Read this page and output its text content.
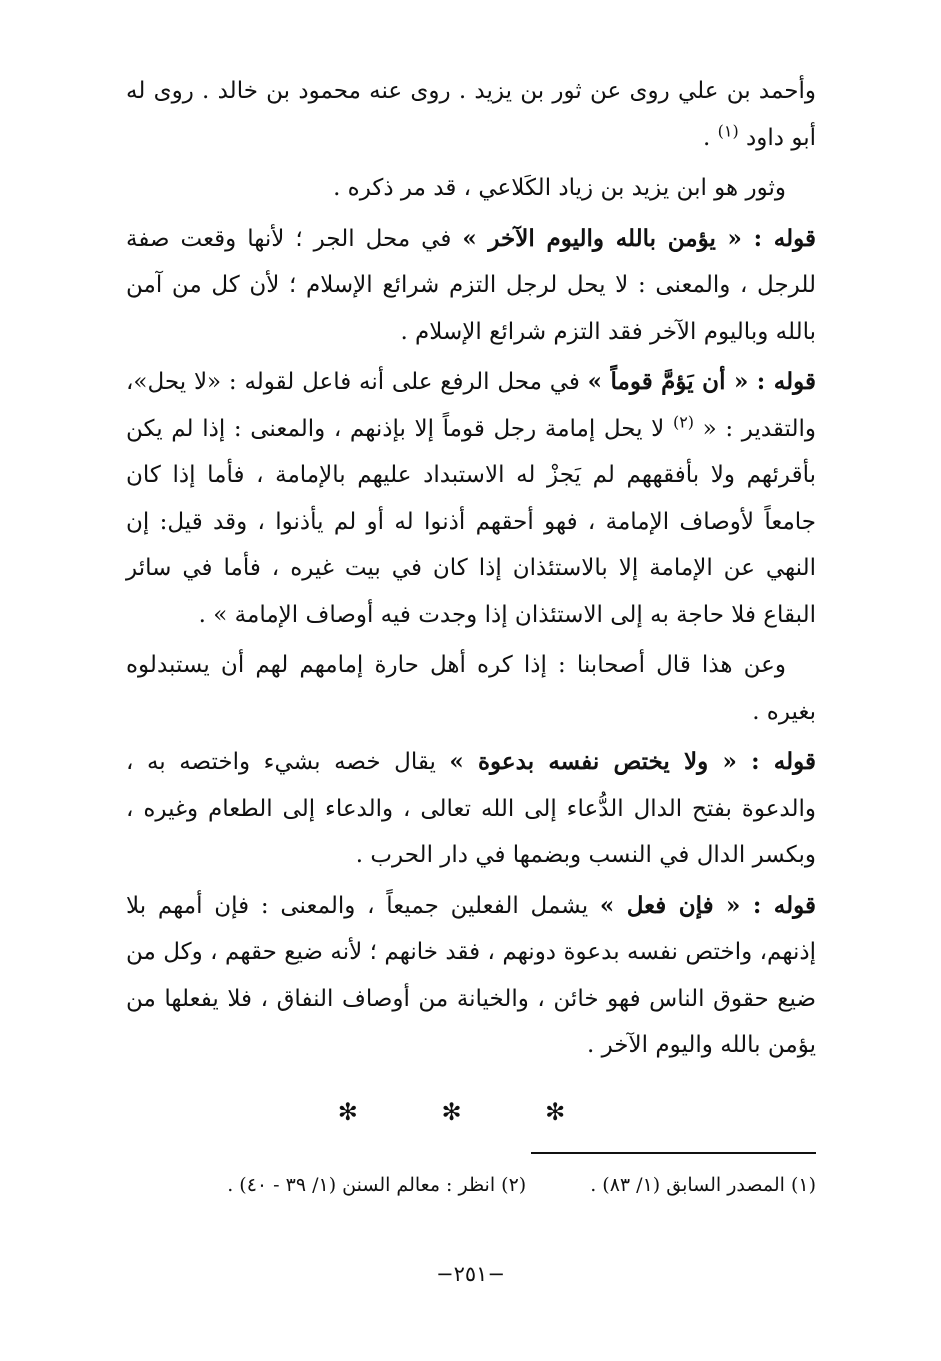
وأحمد بن علي روى عن ثور بن يزيد . روى عنه محمود بن خالد . روى له أبو داود $^{(١)}$ .

وثور هو ابن يزيد بن زياد الكَلاعي ، قد مر ذكره .

قوله : « يؤمن بالله واليوم الآخر » في محل الجر ؛ لأنها وقعت صفة للرجل ، والمعنى : لا يحل لرجل التزم شرائع الإسلام ؛ لأن كل من آمن بالله وباليوم الآخر فقد التزم شرائع الإسلام .

قوله : « أن يَؤمَّ قوماً » في محل الرفع على أنه فاعل لقوله : «لا يحل»، والتقدير : « $^{(٢)}$ لا يحل إمامة رجل قوماً إلا بإذنهم ، والمعنى : إذا لم يكن بأقرئهم ولا بأفقههم لم يَجزْ له الاستبداد عليهم بالإمامة ، فأما إذا كان جامعاً لأوصاف الإمامة ، فهو أحقهم أذنوا له أو لم يأذنوا ، وقد قيل: إن النهي عن الإمامة إلا بالاستئذان إذا كان في بيت غيره ، فأما في سائر البقاع فلا حاجة به إلى الاستئذان إذا وجدت فيه أوصاف الإمامة » .

وعن هذا قال أصحابنا : إذا كره أهل حارة إمامهم لهم أن يستبدلوه بغيره .

قوله : « ولا يختص نفسه بدعوة » يقال خصه بشيء واختصه به ، والدعوة بفتح الدال الدُّعاء إلى الله تعالى ، والدعاء إلى الطعام وغيره ، وبكسر الدال في النسب وبضمها في دار الحرب .

قوله : « فإن فعل » يشمل الفعلين جميعاً ، والمعنى : فإن أمهم بلا إذنهم، واختص نفسه بدعوة دونهم ، فقد خانهم ؛ لأنه ضيع حقهم ، وكل من ضيع حقوق الناس فهو خائن ، والخيانة من أوصاف النفاق ، فلا يفعلها من يؤمن بالله واليوم الآخر .

✻ ✻ ✻
(١) المصدر السابق (١/ ٨٣) .
(٢) انظر : معالم السنن (١/ ٣٩ - ٤٠) .
−٢٥١−
